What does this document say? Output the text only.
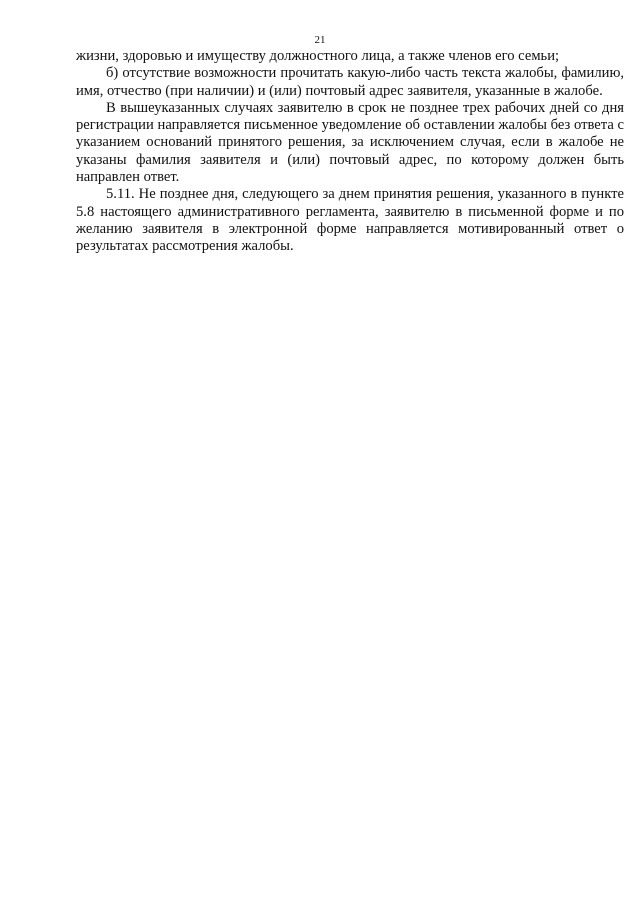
21

жизни, здоровью и имуществу должностного лица, а также членов его семьи;

б) отсутствие возможности прочитать какую-либо часть текста жалобы, фамилию, имя, отчество (при наличии) и (или) почтовый адрес заявителя, указанные в жалобе.

В вышеуказанных случаях заявителю в срок не позднее трех рабочих дней со дня регистрации направляется письменное уведомление об оставлении жалобы без ответа с указанием оснований принятого решения, за исключением случая, если в жалобе не указаны фамилия заявителя и (или) почтовый адрес, по которому должен быть направлен ответ.

5.11. Не позднее дня, следующего за днем принятия решения, указанного в пункте 5.8 настоящего административного регламента, заявителю в письменной форме и по желанию заявителя в электронной форме направляется мотивированный ответ о результатах рассмотрения жалобы.
